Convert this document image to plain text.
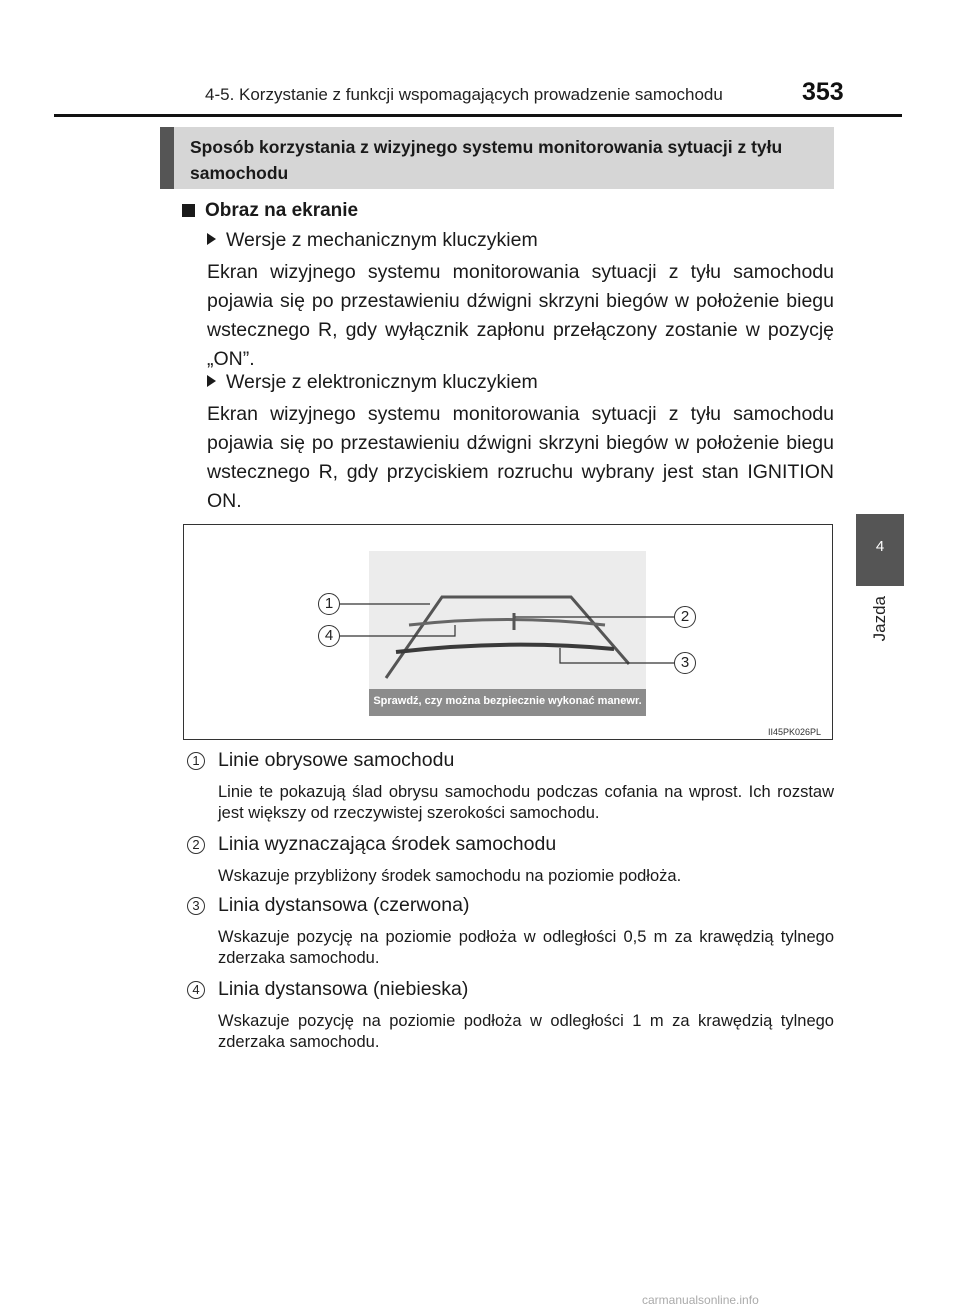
4-5. Korzystanie z funkcji wspomagających prowadzenie samochodu	353
4
Jazda
Sposób korzystania z wizyjnego systemu monitorowania sytuacji z tyłu samochodu
Obraz na ekranie
Wersje z mechanicznym kluczykiem
Ekran wizyjnego systemu monitorowania sytuacji z tyłu samochodu pojawia się po przestawieniu dźwigni skrzyni biegów w położenie biegu wstecznego R, gdy wyłącznik zapłonu przełączony zostanie w pozycję „ON”.
Wersje z elektronicznym kluczykiem
Ekran wizyjnego systemu monitorowania sytuacji z tyłu samochodu pojawia się po przestawieniu dźwigni skrzyni biegów w położenie biegu wstecznego R, gdy przyciskiem rozruchu wybrany jest stan IGNITION ON.
Sprawdź, czy można bezpiecznie wykonać manewr.
1
4
2
3
II45PK026PL
1 Linie obrysowe samochodu
Linie te pokazują ślad obrysu samochodu podczas cofania na wprost. Ich rozstaw jest większy od rzeczywistej szerokości samochodu.
2 Linia wyznaczająca środek samochodu
Wskazuje przybliżony środek samochodu na poziomie podłoża.
3 Linia dystansowa (czerwona)
Wskazuje pozycję na poziomie podłoża w odległości 0,5 m za krawędzią tylnego zderzaka samochodu.
4 Linia dystansowa (niebieska)
Wskazuje pozycję na poziomie podłoża w odległości 1 m za krawędzią tylnego zderzaka samochodu.
carmanualsonline.info
